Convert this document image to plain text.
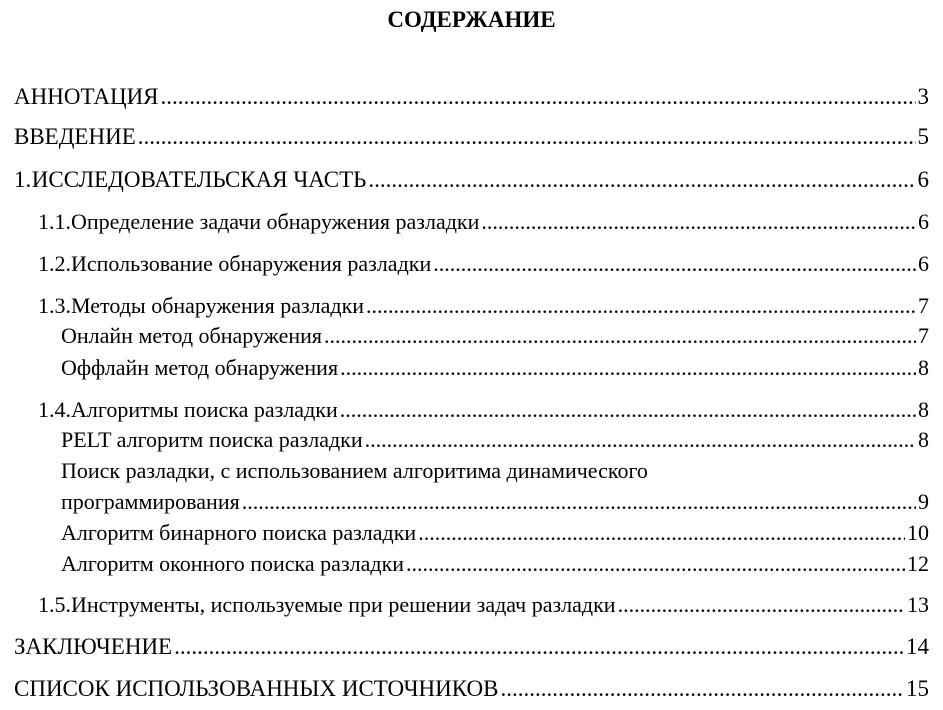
СОДЕРЖАНИЕ
АННОТАЦИЯ .....	3
ВВЕДЕНИЕ .....	5
1. ИССЛЕДОВАТЕЛЬСКАЯ ЧАСТЬ .....	6
1.1. Определение задачи обнаружения разладки .....	6
1.2. Использование обнаружения разладки .....	6
1.3. Методы обнаружения разладки .....	7
Онлайн метод обнаружения .....	7
Оффлайн метод обнаружения .....	8
1.4. Алгоритмы поиска разладки .....	8
PELT алгоритм поиска разладки .....	8
Поиск разладки, с использованием алгоритима динамического
программирования .....	9
Алгоритм бинарного поиска разладки .....	10
Алгоритм оконного поиска разладки .....	12
1.5. Инструменты, используемые при решении задач разладки .....	13
ЗАКЛЮЧЕНИЕ .....	14
СПИСОК ИСПОЛЬЗОВАННЫХ ИСТОЧНИКОВ .....	15
